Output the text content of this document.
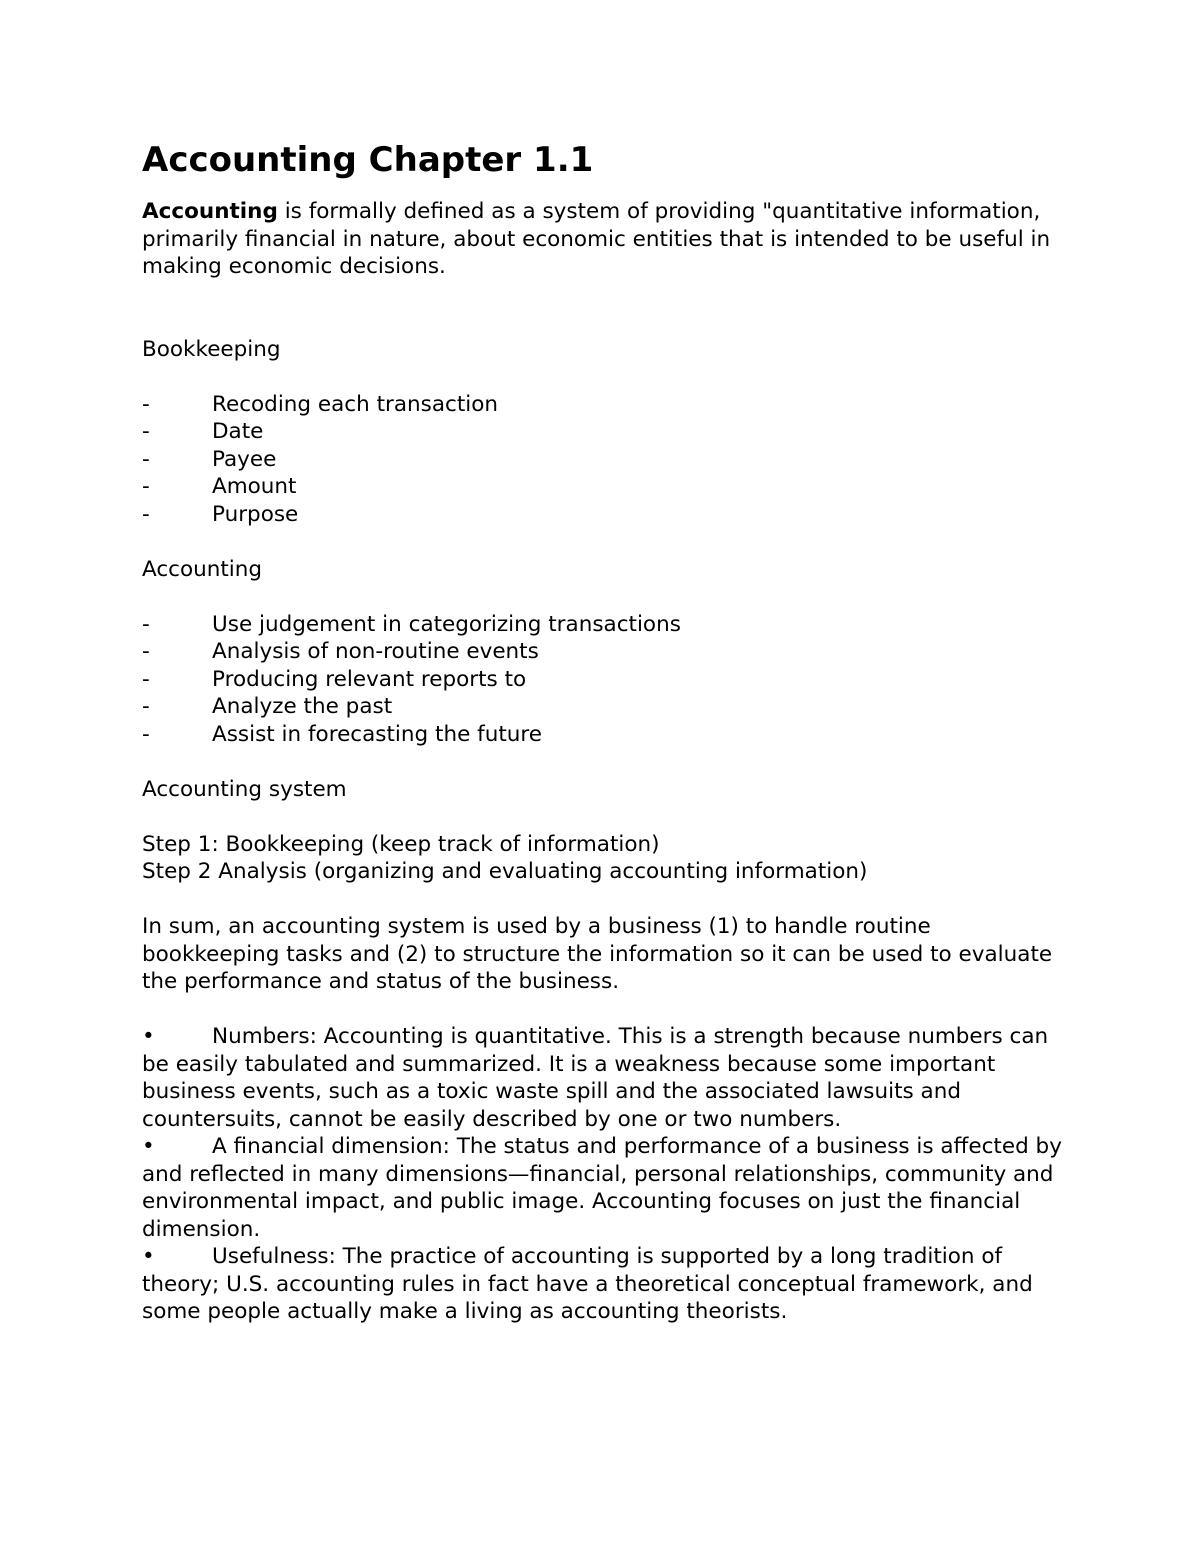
Accounting Chapter 1.1

Accounting is formally defined as a system of providing "quantitative information, primarily financial in nature, about economic entities that is intended to be useful in making economic decisions.

Bookkeeping

-	Recoding each transaction
-	Date
-	Payee
-	Amount
-	Purpose

Accounting

-	Use judgement in categorizing transactions
-	Analysis of non-routine events
-	Producing relevant reports to
-	Analyze the past
-	Assist in forecasting the future

Accounting system

Step 1: Bookkeeping (keep track of information)

Step 2 Analysis (organizing and evaluating accounting information)

In sum, an accounting system is used by a business (1) to handle routine bookkeeping tasks and (2) to structure the information so it can be used to evaluate the performance and status of the business.

•	Numbers: Accounting is quantitative. This is a strength because numbers can be easily tabulated and summarized. It is a weakness because some important business events, such as a toxic waste spill and the associated lawsuits and countersuits, cannot be easily described by one or two numbers.

•	A financial dimension: The status and performance of a business is affected by and reflected in many dimensions—financial, personal relationships, community and environmental impact, and public image. Accounting focuses on just the financial dimension.

•	Usefulness: The practice of accounting is supported by a long tradition of theory; U.S. accounting rules in fact have a theoretical conceptual framework, and some people actually make a living as accounting theorists.
